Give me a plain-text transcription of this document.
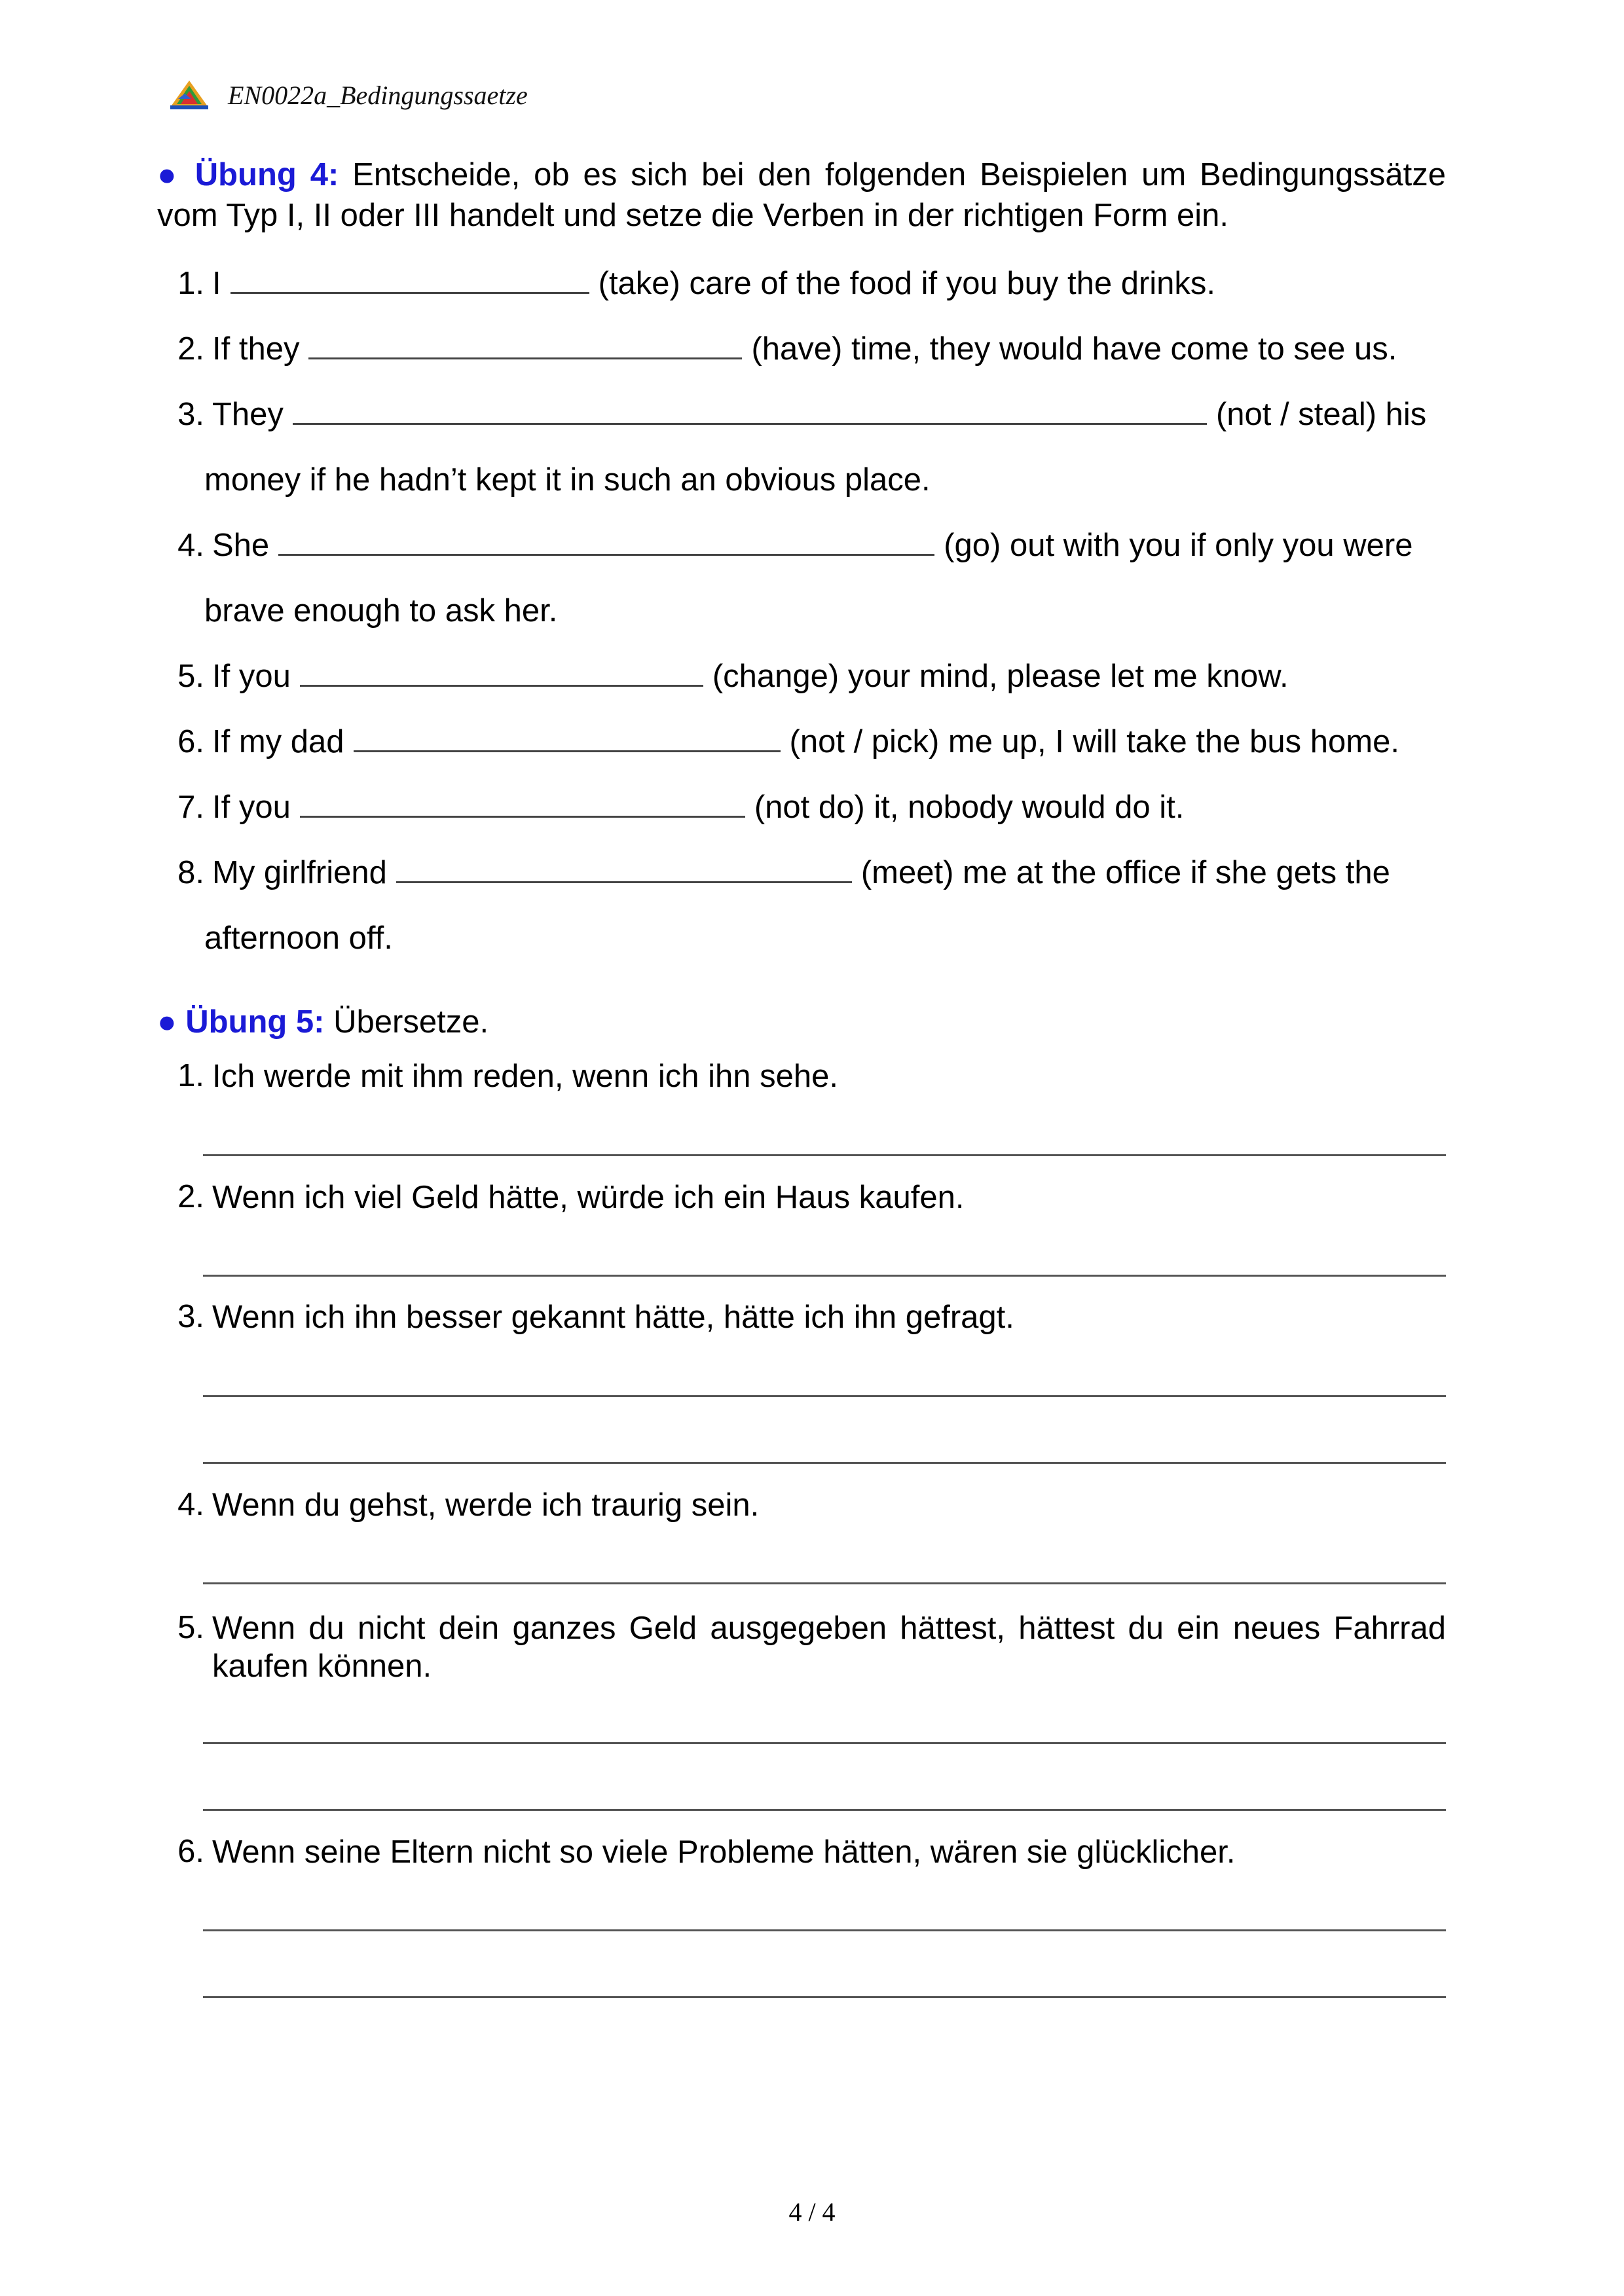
EN0022a_Bedingungssaetze
● Übung 4: Entscheide, ob es sich bei den folgenden Beispielen um Bedingungssätze vom Typ I, II oder III handelt und setze die Verben in der richtigen Form ein.
1. I	(take) care of the food if you buy the drinks.
2. If they	(have) time, they would have come to see us.
3. They	(not / steal) his
money if he hadn’t kept it in such an obvious place.
4. She	(go) out with you if only you were
brave enough to ask her.
5. If you	(change) your mind, please let me know.
6. If my dad	(not / pick) me up, I will take the bus home.
7. If you	(not do) it, nobody would do it.
8. My girlfriend	(meet) me at the office if she gets the
afternoon off.
● Übung 5: Übersetze.
1. Ich werde mit ihm reden, wenn ich ihn sehe.
2. Wenn ich viel Geld hätte, würde ich ein Haus kaufen.
3. Wenn ich ihn besser gekannt hätte, hätte ich ihn gefragt.
4. Wenn du gehst, werde ich traurig sein.
5. Wenn du nicht dein ganzes Geld ausgegeben hättest, hättest du ein neues Fahrrad kaufen können.
6. Wenn seine Eltern nicht so viele Probleme hätten, wären sie glücklicher.
4 / 4
